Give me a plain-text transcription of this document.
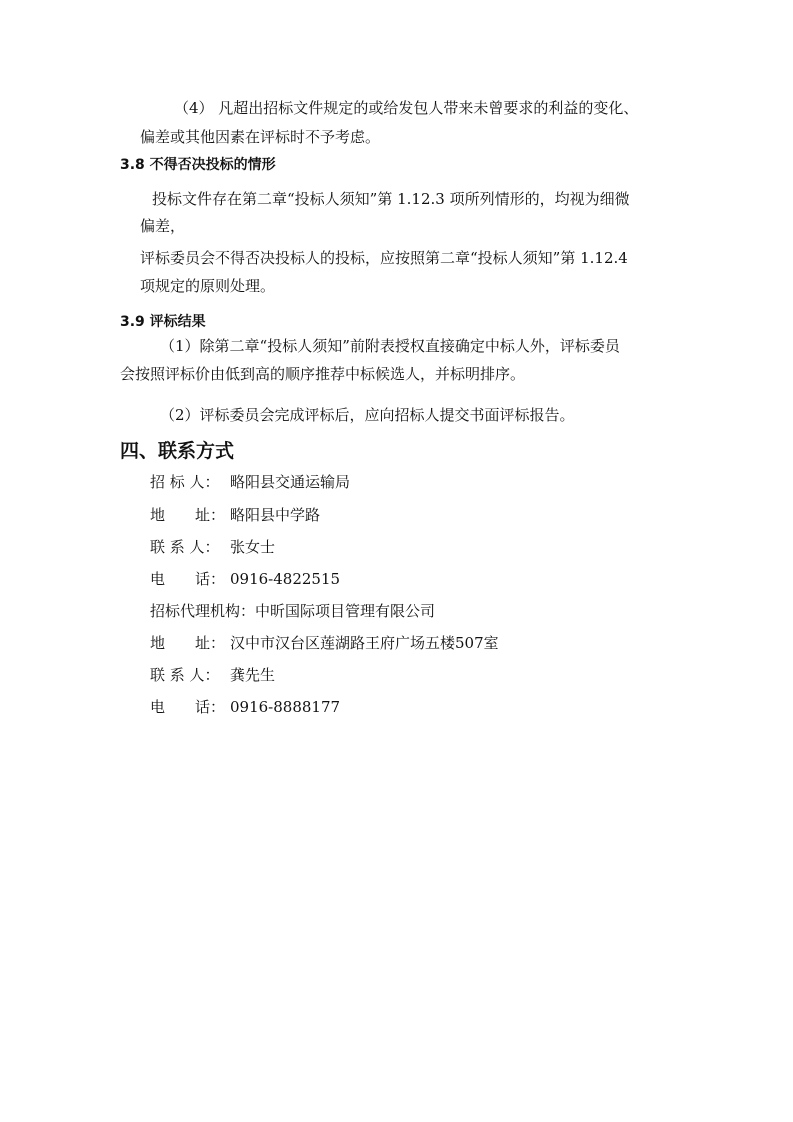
（4） 凡超出招标文件规定的或给发包人带来未曾要求的利益的变化、
偏差或其他因素在评标时不予考虑。
3.8 不得否决投标的情形
投标文件存在第二章“投标人须知”第 1.12.3 项所列情形的，均视为细微
偏差，
评标委员会不得否决投标人的投标，应按照第二章“投标人须知”第 1.12.4
项规定的原则处理。
3.9 评标结果
（1）除第二章“投标人须知”前附表授权直接确定中标人外，评标委员
会按照评标价由低到高的顺序推荐中标候选人，并标明排序。
（2）评标委员会完成评标后，应向招标人提交书面评标报告。
四、联系方式
招 标 人： 略阳县交通运输局
地　　址： 略阳县中学路
联 系 人： 张女士
电　　话： 0916-4822515
招标代理机构：中昕国际项目管理有限公司
地　　址： 汉中市汉台区莲湖路王府广场五楼507室
联 系 人： 龚先生
电　　话： 0916-8888177
